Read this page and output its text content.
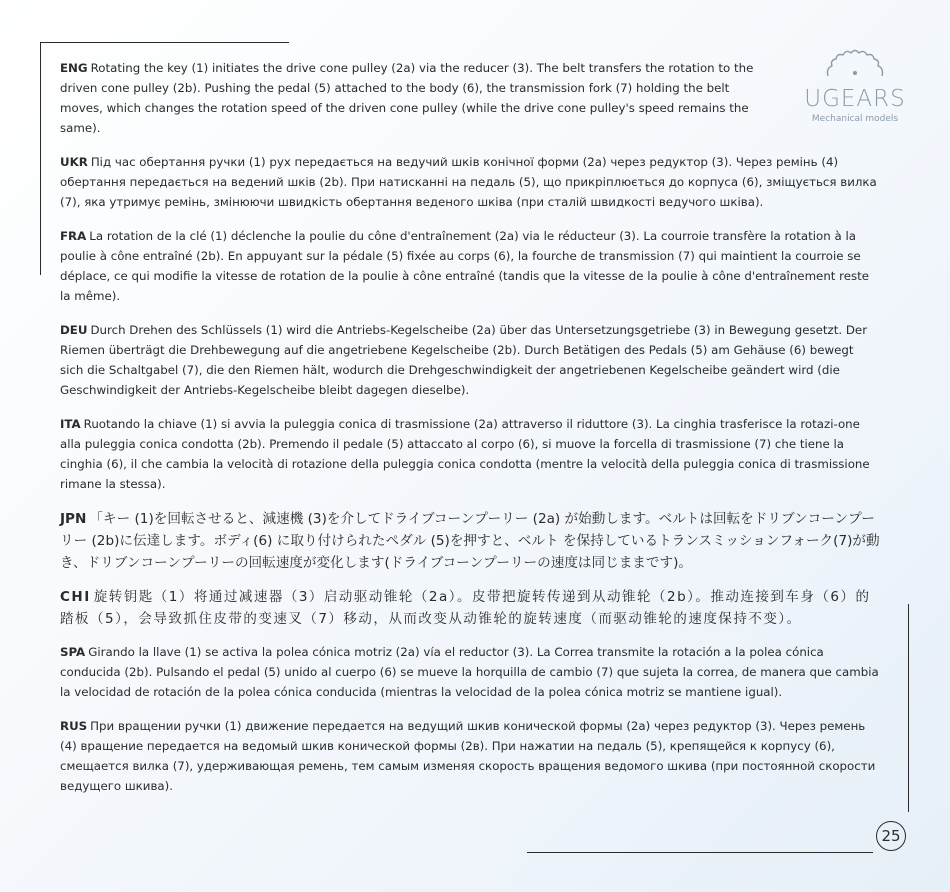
UGEARS
Mechanical models

ENG Rotating the key (1) initiates the drive cone pulley (2a) via the reducer (3). The belt transfers the rotation to the driven cone pulley (2b). Pushing the pedal (5) attached to the body (6), the transmission fork (7) holding the belt moves, which changes the rotation speed of the driven cone pulley (while the drive cone pulley's speed remains the same).

UKR Під час обертання ручки (1) рух передається на ведучий шків конічної форми (2а) через редуктор (3). Через ремінь (4) обертання передається на ведений шків (2b). При натисканні на педаль (5), що прикріплюється до корпуса (6), зміщується вилка (7), яка утримує ремінь, змінюючи швидкість обертання веденого шківа (при сталій швидкості ведучого шківа).

FRA La rotation de la clé (1) déclenche la poulie du cône d'entraînement (2a) via le réducteur (3). La courroie transfère la rotation à la poulie à cône entraîné (2b). En appuyant sur la pédale (5) fixée au corps (6), la fourche de transmission (7) qui maintient la courroie se déplace, ce qui modifie la vitesse de rotation de la poulie à cône entraîné (tandis que la vitesse de la poulie à cône d'entraînement reste la même).

DEU Durch Drehen des Schlüssels (1) wird die Antriebs-Kegelscheibe (2a) über das Untersetzungsgetriebe (3) in Bewegung gesetzt. Der Riemen überträgt die Drehbewegung auf die angetriebene Kegelscheibe (2b). Durch Betätigen des Pedals (5) am Gehäuse (6) bewegt sich die Schaltgabel (7), die den Riemen hält, wodurch die Drehgeschwindigkeit der angetriebenen Kegelscheibe geändert wird (die Geschwindigkeit der Antriebs-Kegelscheibe bleibt dagegen dieselbe).

ITA Ruotando la chiave (1) si avvia la puleggia conica di trasmissione (2a) attraverso il riduttore (3). La cinghia trasferisce la rotazi-one alla puleggia conica condotta (2b). Premendo il pedale (5) attaccato al corpo (6), si muove la forcella di trasmissione (7) che tiene la cinghia (6), il che cambia la velocità di rotazione della puleggia conica condotta (mentre la velocità della puleggia conica di trasmissione rimane la stessa).

JPN 「キー (1)を回転させると、減速機 (3)を介してドライブコーンプーリー (2a) が始動します。ベルトは回転をドリブンコーンプーリー (2b)に伝達します。ボディ(6) に取り付けられたペダル (5)を押すと、ベルト を保持しているトランスミッションフォーク(7)が動き、ドリブンコーンプーリーの回転速度が変化します(ドライブコーンプーリーの速度は同じままです)。

CHI 旋转钥匙（1）将通过减速器（3）启动驱动锥轮（2a）。皮带把旋转传递到从动锥轮（2b）。推动连接到车身（6）的踏板（5），会导致抓住皮带的变速叉（7）移动，从而改变从动锥轮的旋转速度（而驱动锥轮的速度保持不变）。

SPA Girando la llave (1) se activa la polea cónica motriz (2a) vía el reductor (3). La Correa transmite la rotación a la polea cónica conducida (2b). Pulsando el pedal (5) unido al cuerpo (6) se mueve la horquilla de cambio (7) que sujeta la correa, de manera que cambia la velocidad de rotación de la polea cónica conducida (mientras la velocidad de la polea cónica motriz se mantiene igual).

RUS При вращении ручки (1) движение передается на ведущий шкив конической формы (2а) через редуктор (3). Через ремень (4) вращение передается на ведомый шкив конической формы (2в). При нажатии на педаль (5), крепящейся к корпусу (6), смещается вилка (7), удерживающая ремень, тем самым изменяя скорость вращения ведомого шкива (при постоянной скорости ведущего шкива).

25
